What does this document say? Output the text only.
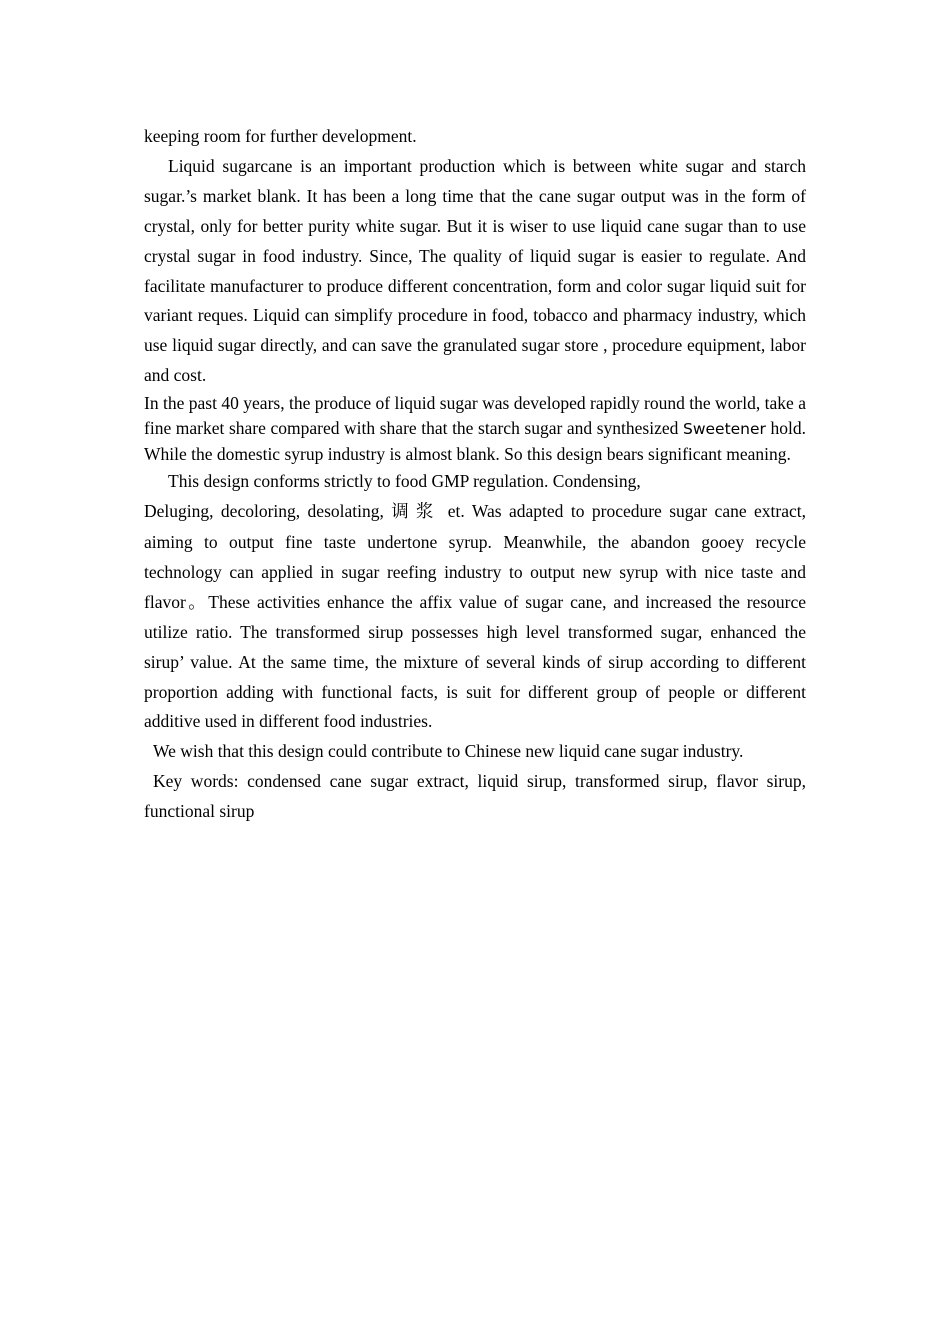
keeping room for further development.

Liquid sugarcane is an important production which is between white sugar and starch sugar.’s market blank. It has been a long time that the cane sugar output was in the form of crystal, only for better purity white sugar. But it is wiser to use liquid cane sugar than to use crystal sugar in food industry. Since, The quality of liquid sugar is easier to regulate. And facilitate manufacturer to produce different concentration, form and color sugar liquid suit for variant reques. Liquid can simplify procedure in food, tobacco and pharmacy industry, which use liquid sugar directly, and can save the granulated sugar store , procedure equipment, labor and cost.

In the past 40 years, the produce of liquid sugar was developed rapidly round the world, take a fine market share compared with share that the starch sugar and synthesized Sweetener hold. While the domestic syrup industry is almost blank. So this design bears significant meaning.

This design conforms strictly to food GMP regulation. Condensing,

Deluging, decoloring, desolating, 调浆 et. Was adapted to procedure sugar cane extract, aiming to output fine taste undertone syrup. Meanwhile, the abandon gooey recycle technology can applied in sugar reefing industry to output new syrup with nice taste and flavor。These activities enhance the affix value of sugar cane, and increased the resource utilize ratio. The transformed sirup possesses high level transformed sugar, enhanced the sirup’ value. At the same time, the mixture of several kinds of sirup according to different proportion adding with functional facts, is suit for different group of people or different additive used in different food industries.

We wish that this design could contribute to Chinese new liquid cane sugar industry.

Key words: condensed cane sugar extract, liquid sirup, transformed sirup, flavor sirup, functional sirup
